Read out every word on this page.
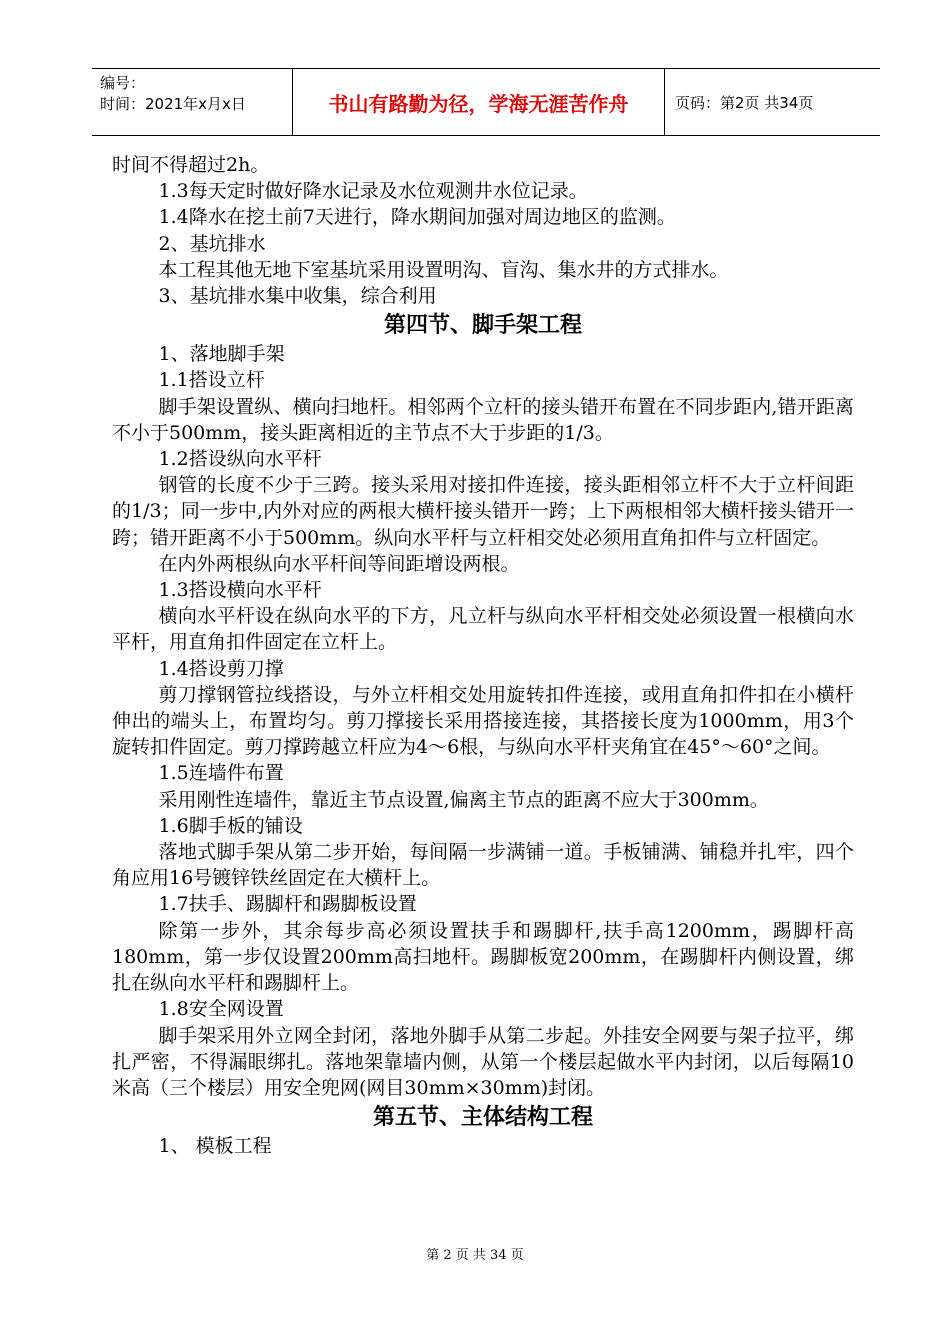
编号：
时间：2021年x月x日	书山有路勤为径，学海无涯苦作舟	页码：第2页 共34页

时间不得超过2h。

1.3每天定时做好降水记录及水位观测井水位记录。

1.4降水在挖土前7天进行，降水期间加强对周边地区的监测。

2、基坑排水

本工程其他无地下室基坑采用设置明沟、盲沟、集水井的方式排水。

3、基坑排水集中收集，综合利用

第四节、脚手架工程

1、落地脚手架

1.1搭设立杆

脚手架设置纵、横向扫地杆。相邻两个立杆的接头错开布置在不同步距内,错开距离不小于500mm，接头距离相近的主节点不大于步距的1/3。

1.2搭设纵向水平杆

钢管的长度不少于三跨。接头采用对接扣件连接，接头距相邻立杆不大于立杆间距的1/3；同一步中,内外对应的两根大横杆接头错开一跨；上下两根相邻大横杆接头错开一跨；错开距离不小于500mm。纵向水平杆与立杆相交处必须用直角扣件与立杆固定。

在内外两根纵向水平杆间等间距增设两根。

1.3搭设横向水平杆

横向水平杆设在纵向水平的下方，凡立杆与纵向水平杆相交处必须设置一根横向水平杆，用直角扣件固定在立杆上。

1.4搭设剪刀撑

剪刀撑钢管拉线搭设，与外立杆相交处用旋转扣件连接，或用直角扣件扣在小横杆伸出的端头上，布置均匀。剪刀撑接长采用搭接连接，其搭接长度为1000mm，用3个旋转扣件固定。剪刀撑跨越立杆应为4～6根，与纵向水平杆夹角宜在45°～60°之间。

1.5连墙件布置

采用刚性连墙件，靠近主节点设置,偏离主节点的距离不应大于300mm。

1.6脚手板的铺设

落地式脚手架从第二步开始，每间隔一步满铺一道。手板铺满、铺稳并扎牢，四个角应用16号镀锌铁丝固定在大横杆上。

1.7扶手、踢脚杆和踢脚板设置

除第一步外，其余每步高必须设置扶手和踢脚杆,扶手高1200mm，踢脚杆高180mm，第一步仅设置200mm高扫地杆。踢脚板宽200mm，在踢脚杆内侧设置，绑扎在纵向水平杆和踢脚杆上。

1.8安全网设置

脚手架采用外立网全封闭，落地外脚手从第二步起。外挂安全网要与架子拉平，绑扎严密，不得漏眼绑扎。落地架靠墙内侧，从第一个楼层起做水平内封闭，以后每隔10米高（三个楼层）用安全兜网(网目30mm×30mm)封闭。

第五节、主体结构工程

1、 模板工程

第 2 页 共 34 页
